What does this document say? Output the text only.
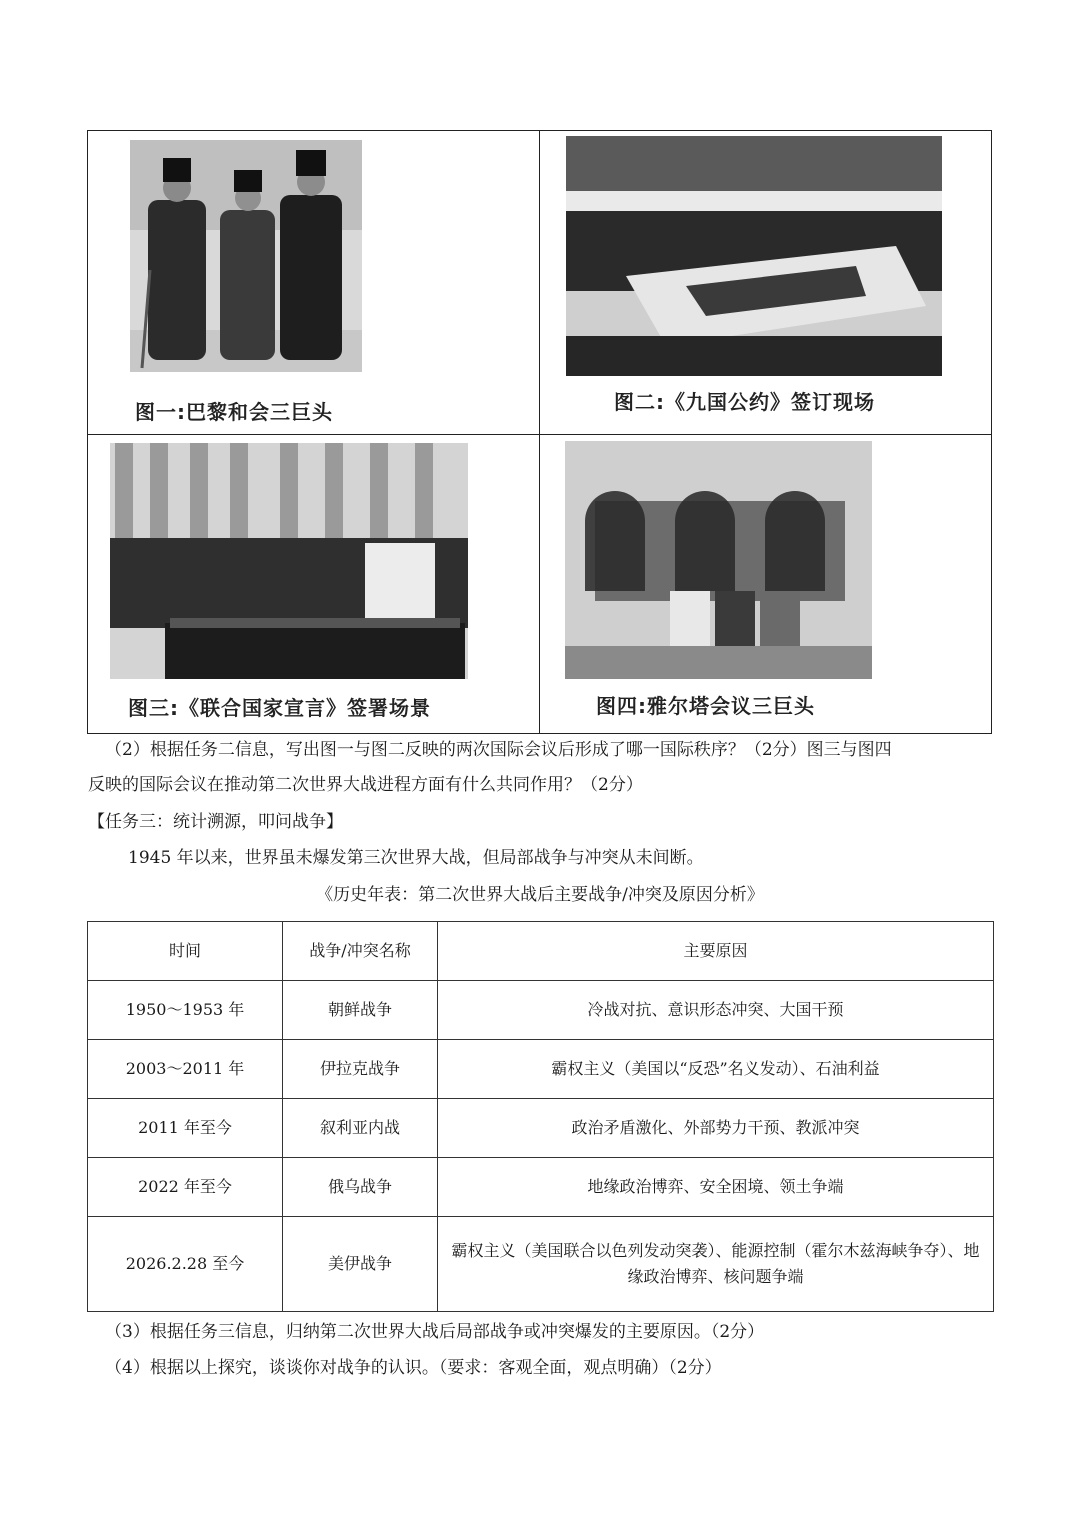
图一:巴黎和会三巨头	图二:《九国公约》签订现场
图三:《联合国家宣言》签署场景	图四:雅尔塔会议三巨头
（2）根据任务二信息，写出图一与图二反映的两次国际会议后形成了哪一国际秩序？（2分）图三与图四
反映的国际会议在推动第二次世界大战进程方面有什么共同作用？（2分）
【任务三：统计溯源，叩问战争】
1945 年以来，世界虽未爆发第三次世界大战，但局部战争与冲突从未间断。
《历史年表：第二次世界大战后主要战争/冲突及原因分析》
时间	战争/冲突名称	主要原因
1950～1953 年	朝鲜战争	冷战对抗、意识形态冲突、大国干预
2003～2011 年	伊拉克战争	霸权主义（美国以“反恐”名义发动）、石油利益
2011 年至今	叙利亚内战	政治矛盾激化、外部势力干预、教派冲突
2022 年至今	俄乌战争	地缘政治博弈、安全困境、领土争端
2026.2.28 至今	美伊战争	霸权主义（美国联合以色列发动突袭）、能源控制（霍尔木兹海峡争夺）、地缘政治博弈、核问题争端
（3）根据任务三信息，归纳第二次世界大战后局部战争或冲突爆发的主要原因。（2分）
（4）根据以上探究，谈谈你对战争的认识。（要求：客观全面，观点明确）（2分）
